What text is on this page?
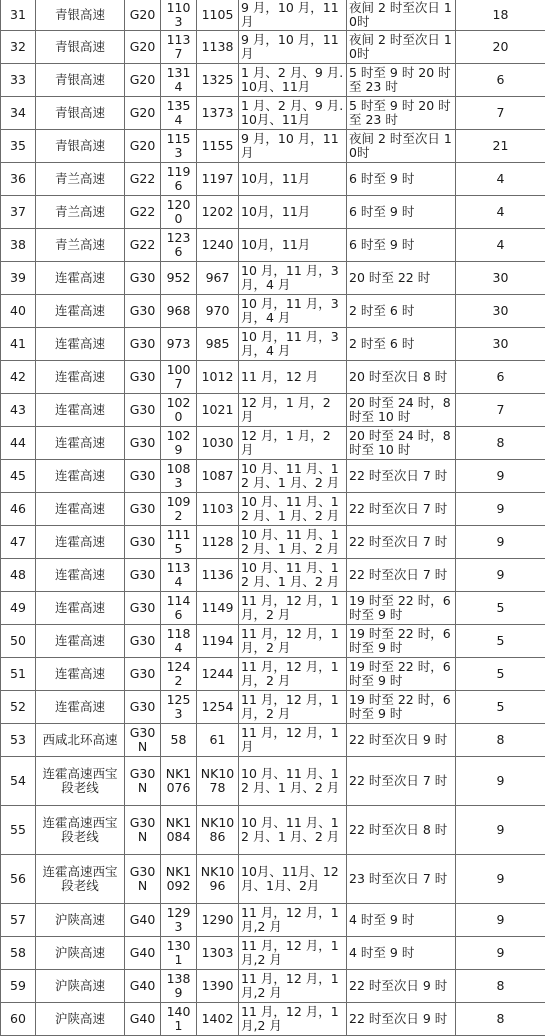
31	青银高速	G20	1103	1105	9 月，10 月，11 月	夜间 2 时至次日 10时	18
32	青银高速	G20	1137	1138	9 月，10 月，11 月	夜间 2 时至次日 10时	20
33	青银高速	G20	1314	1325	1 月、2 月、9 月.10月、11月	5 时至 9 时 20 时至 23 时	6
34	青银高速	G20	1354	1373	1 月、2 月、9 月.10月、11月	5 时至 9 时 20 时至 23 时	7
35	青银高速	G20	1153	1155	9 月，10 月，11 月	夜间 2 时至次日 10时	21
36	青兰高速	G22	1196	1197	10月，11月	6 时至 9 时	4
37	青兰高速	G22	1200	1202	10月，11月	6 时至 9 时	4
38	青兰高速	G22	1236	1240	10月，11月	6 时至 9 时	4
39	连霍高速	G30	952	967	10 月，11 月，3 月，4 月	20 时至 22 时	30
40	连霍高速	G30	968	970	10 月，11 月，3 月，4 月	2 时至 6 时	30
41	连霍高速	G30	973	985	10 月，11 月，3 月，4 月	2 时至 6 时	30
42	连霍高速	G30	1007	1012	11 月，12 月	20 时至次日 8 时	6
43	连霍高速	G30	1020	1021	12 月，1 月，2 月	20 时至 24 时，8 时至 10 时	7
44	连霍高速	G30	1029	1030	12 月，1 月，2 月	20 时至 24 时，8 时至 10 时	8
45	连霍高速	G30	1083	1087	10 月、11 月、12 月、1 月、2 月	22 时至次日 7 时	9
46	连霍高速	G30	1092	1103	10 月、11 月、12 月、1 月、2 月	22 时至次日 7 时	9
47	连霍高速	G30	1115	1128	10 月、11 月、12 月、1 月、2 月	22 时至次日 7 时	9
48	连霍高速	G30	1134	1136	10 月、11 月、12 月、1 月、2 月	22 时至次日 7 时	9
49	连霍高速	G30	1146	1149	11 月，12 月，1 月，2 月	19 时至 22 时，6 时至 9 时	5
50	连霍高速	G30	1184	1194	11 月，12 月，1 月，2 月	19 时至 22 时，6 时至 9 时	5
51	连霍高速	G30	1242	1244	11 月，12 月，1 月，2 月	19 时至 22 时，6 时至 9 时	5
52	连霍高速	G30	1253	1254	11 月，12 月，1 月，2 月	19 时至 22 时，6 时至 9 时	5
53	西咸北环高速	G30N	58	61	11 月，12 月，1 月	22 时至次日 9 时	8
54	连霍高速西宝段老线	G30N	NK1076	NK1078	10 月、11 月、12 月、1 月、2 月	22 时至次日 7 时	9
55	连霍高速西宝段老线	G30N	NK1084	NK1086	10 月、11 月、12 月、1 月、2 月	22 时至次日 8 时	9
56	连霍高速西宝段老线	G30N	NK1092	NK1096	10月、11月、12月、1月、2月	23 时至次日 7 时	9
57	沪陕高速	G40	1293	1290	11 月，12 月，1 月,2 月	4 时至 9 时	9
58	沪陕高速	G40	1301	1303	11 月，12 月，1 月,2 月	4 时至 9 时	9
59	沪陕高速	G40	1389	1390	11 月，12 月，1 月,2 月	22 时至次日 9 时	8
60	沪陕高速	G40	1401	1402	11 月，12 月，1 月,2 月	22 时至次日 9 时	8
